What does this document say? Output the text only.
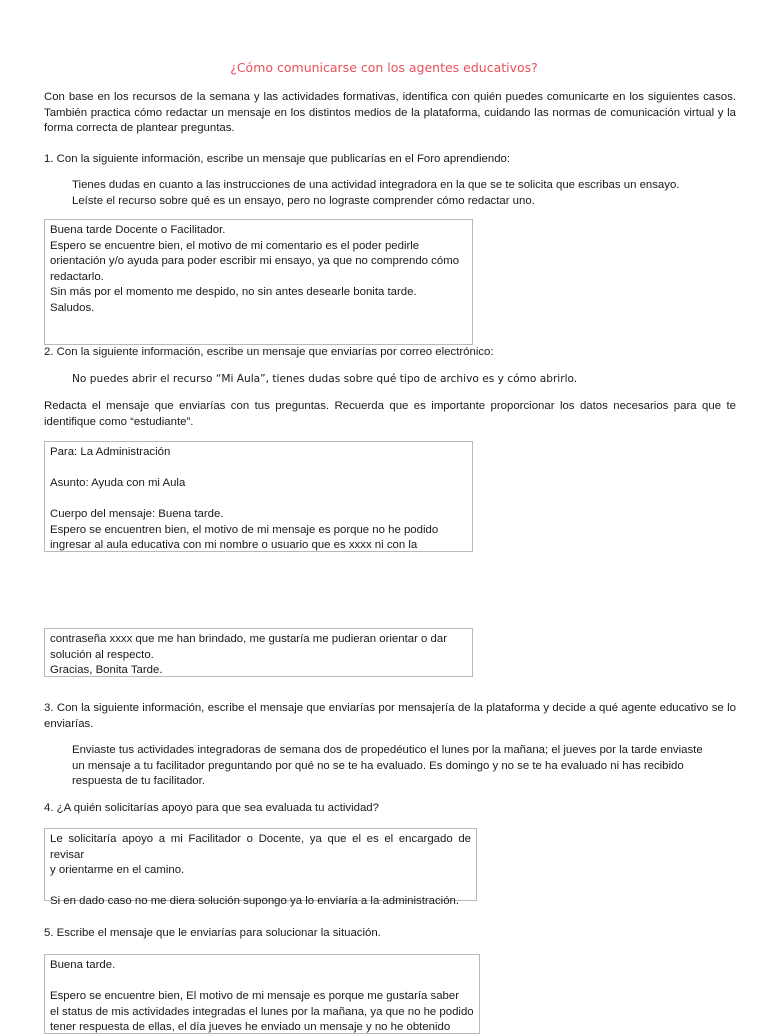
¿Cómo comunicarse con los agentes educativos?
Con base en los recursos de la semana y las actividades formativas, identifica con quién puedes comunicarte en los siguientes casos. También practica cómo redactar un mensaje en los distintos medios de la plataforma, cuidando las normas de comunicación virtual y la forma correcta de plantear preguntas.
1. Con la siguiente información, escribe un mensaje que publicarías en el Foro aprendiendo:
Tienes dudas en cuanto a las instrucciones de una actividad integradora en la que se te solicita que escribas un ensayo.
Leíste el recurso sobre qué es un ensayo, pero no lograste comprender cómo redactar uno.
Buena tarde Docente o Facilitador.
Espero se encuentre bien, el motivo de mi comentario es el poder pedirle
orientación y/o ayuda para poder escribir mi ensayo, ya que no comprendo cómo
redactarlo.
Sin más por el momento me despido, no sin antes desearle bonita tarde.
Saludos.
2. Con la siguiente información, escribe un mensaje que enviarías por correo electrónico:
No puedes abrir el recurso “Mi Aula”, tienes dudas sobre qué tipo de archivo es y cómo abrirlo.
Redacta el mensaje que enviarías con tus preguntas. Recuerda que es importante proporcionar los datos necesarios para que te identifique como “estudiante”.
Para: La Administración
Asunto: Ayuda con mi Aula
Cuerpo del mensaje: Buena tarde.
Espero se encuentren bien, el motivo de mi mensaje es porque no he podido
ingresar al aula educativa con mi nombre o usuario que es xxxx ni con la
contraseña xxxx que me han brindado, me gustaría me pudieran orientar o dar
solución al respecto.
Gracias, Bonita Tarde.
3. Con la siguiente información, escribe el mensaje que enviarías por mensajería de la plataforma y decide a qué agente educativo se lo enviarías.
Enviaste tus actividades integradoras de semana dos de propedéutico el lunes por la mañana; el jueves por la tarde enviaste un mensaje a tu facilitador preguntando por qué no se te ha evaluado. Es domingo y no se te ha evaluado ni has recibido respuesta de tu facilitador.
4. ¿A quién solicitarías apoyo para que sea evaluada tu actividad?
Le solicitaría apoyo a mi Facilitador o Docente, ya que el es el encargado de revisar
y orientarme en el camino.
Si en dado caso no me diera solución supongo ya lo enviaría a la administración.
5. Escribe el mensaje que le enviarías para solucionar la situación.
Buena tarde.
Espero se encuentre bien, El motivo de mi mensaje es porque me gustaría saber
el status de mis actividades integradas el lunes por la mañana, ya que no he podido
tener respuesta de ellas, el día jueves he enviado un mensaje y no he obtenido
